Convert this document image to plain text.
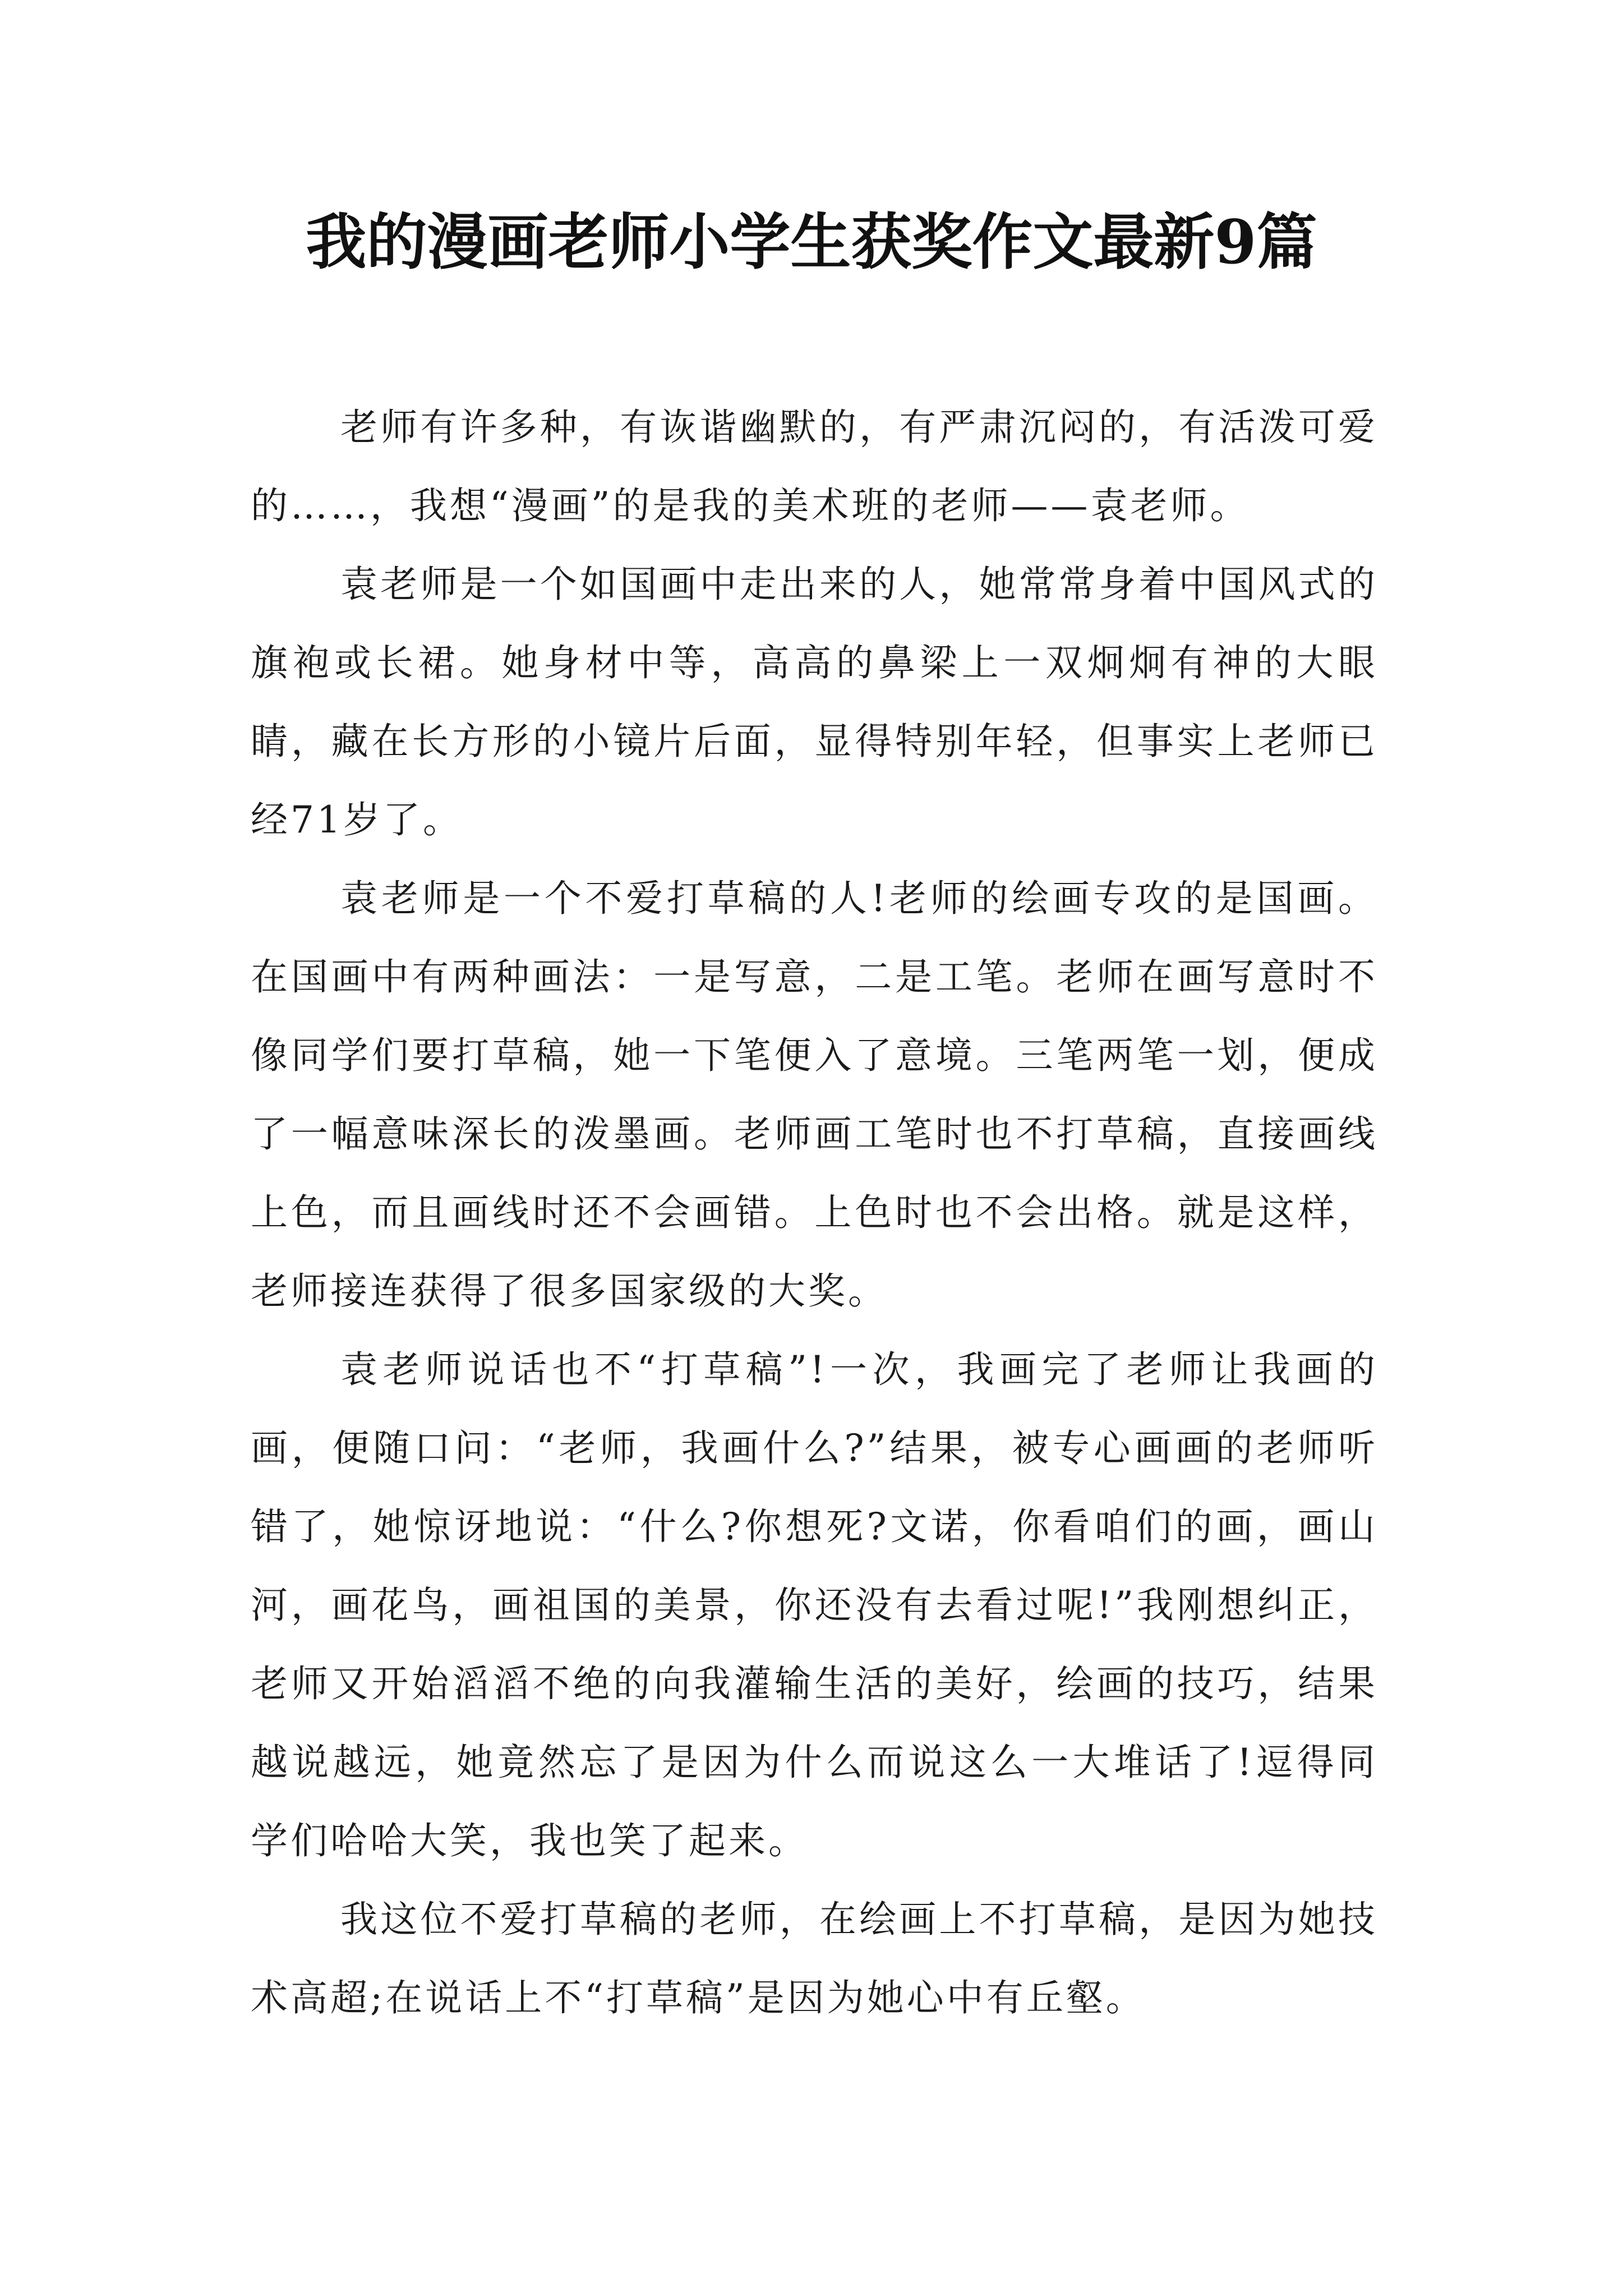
我的漫画老师小学生获奖作文最新9篇

老师有许多种，有诙谐幽默的，有严肃沉闷的，有活泼可爱的……，我想“漫画”的是我的美术班的老师——袁老师。

袁老师是一个如国画中走出来的人，她常常身着中国风式的旗袍或长裙。她身材中等，高高的鼻梁上一双炯炯有神的大眼睛，藏在长方形的小镜片后面，显得特别年轻，但事实上老师已经71岁了。

袁老师是一个不爱打草稿的人!老师的绘画专攻的是国画。在国画中有两种画法：一是写意，二是工笔。老师在画写意时不像同学们要打草稿，她一下笔便入了意境。三笔两笔一划，便成了一幅意味深长的泼墨画。老师画工笔时也不打草稿，直接画线上色，而且画线时还不会画错。上色时也不会出格。就是这样，老师接连获得了很多国家级的大奖。

袁老师说话也不“打草稿”!一次，我画完了老师让我画的画，便随口问：“老师，我画什么?”结果，被专心画画的老师听错了，她惊讶地说：“什么?你想死?文诺，你看咱们的画，画山河，画花鸟，画祖国的美景，你还没有去看过呢!”我刚想纠正，老师又开始滔滔不绝的向我灌输生活的美好，绘画的技巧，结果越说越远，她竟然忘了是因为什么而说这么一大堆话了!逗得同学们哈哈大笑，我也笑了起来。

我这位不爱打草稿的老师，在绘画上不打草稿，是因为她技术高超;在说话上不“打草稿”是因为她心中有丘壑。
